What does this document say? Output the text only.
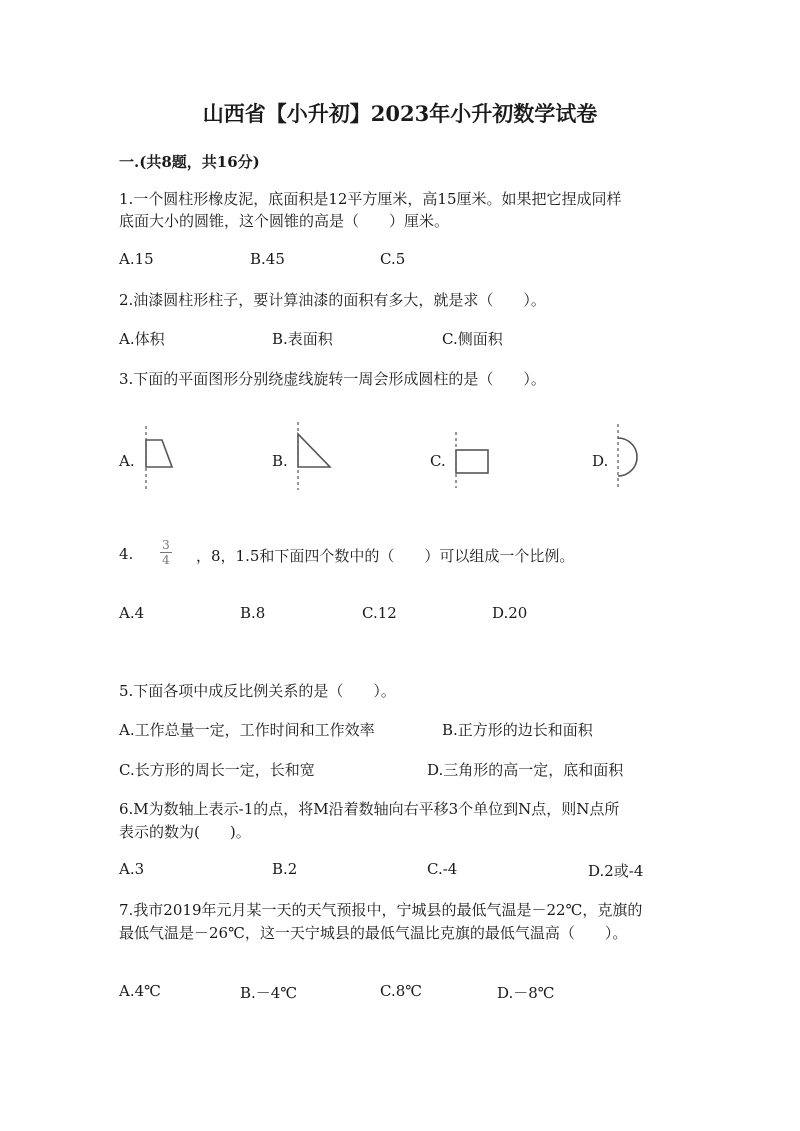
山西省【小升初】2023年小升初数学试卷
一.(共8题，共16分)
1.一个圆柱形橡皮泥，底面积是12平方厘米，高15厘米。如果把它捏成同样
底面大小的圆锥，这个圆锥的高是（　　）厘米。
A.15	B.45	C.5
2.油漆圆柱形柱子，要计算油漆的面积有多大，就是求（　　）。
A.体积	B.表面积	C.侧面积
3.下面的平面图形分别绕虚线旋转一周会形成圆柱的是（　　）。
A.	B.	C.	D.
4. 3
4 ，8，1.5和下面四个数中的（　　）可以组成一个比例。
A.4	B.8	C.12	D.20
5.下面各项中成反比例关系的是（　　）。
A.工作总量一定，工作时间和工作效率	B.正方形的边长和面积
C.长方形的周长一定，长和宽	D.三角形的高一定，底和面积
6.M为数轴上表示-1的点，将M沿着数轴向右平移3个单位到N点，则N点所
表示的数为(　　)。
A.3	B.2	C.-4	D.2或-4
7.我市2019年元月某一天的天气预报中，宁城县的最低气温是－22℃，克旗的
最低气温是－26℃，这一天宁城县的最低气温比克旗的最低气温高（　　）。
A.4℃	B.－4℃	C.8℃	D.－8℃
